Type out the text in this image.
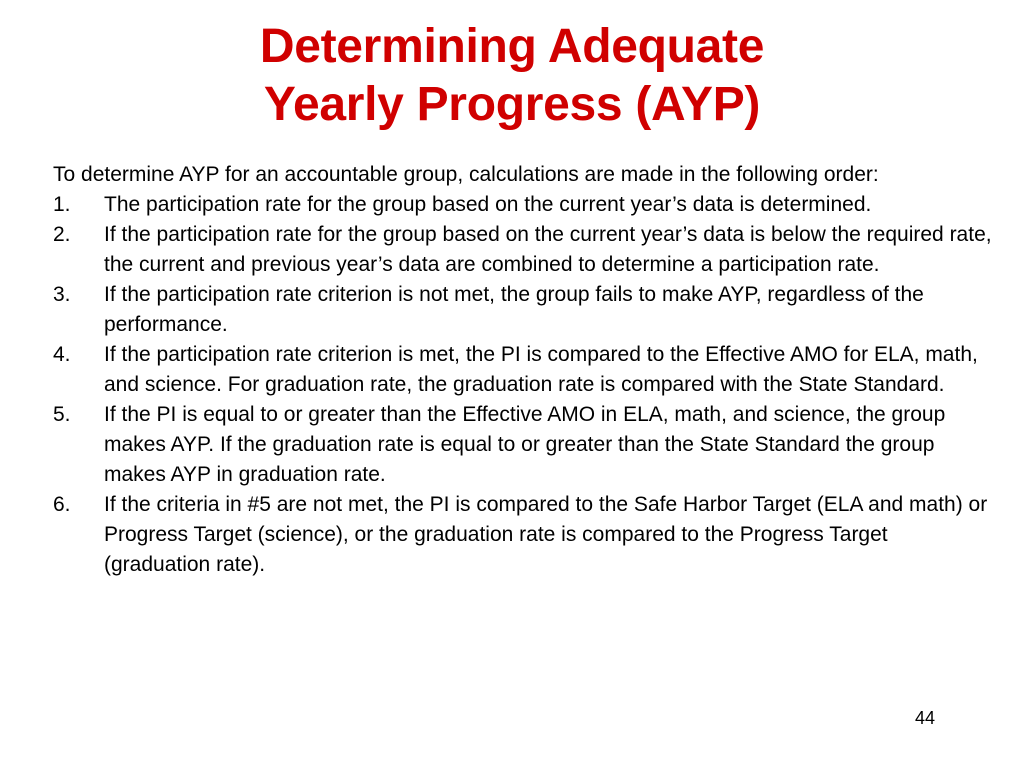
Determining Adequate
Yearly Progress (AYP)

To determine AYP for an accountable group, calculations are made in the following order:

1. The participation rate for the group based on the current year’s data is determined.
2. If the participation rate for the group based on the current year’s data is below the required rate, the current and previous year’s data are combined to determine a participation rate.
3. If the participation rate criterion is not met, the group fails to make AYP, regardless of the performance.
4. If the participation rate criterion is met, the PI is compared to the Effective AMO for ELA, math, and science. For graduation rate, the graduation rate is compared with the State Standard.
5. If the PI is equal to or greater than the Effective AMO in ELA, math, and science, the group makes AYP. If the graduation rate is equal to or greater than the State Standard the group makes AYP in graduation rate.
6. If the criteria in #5 are not met, the PI is compared to the Safe Harbor Target (ELA and math) or Progress Target (science), or the graduation rate is compared to the Progress Target (graduation rate).
44
